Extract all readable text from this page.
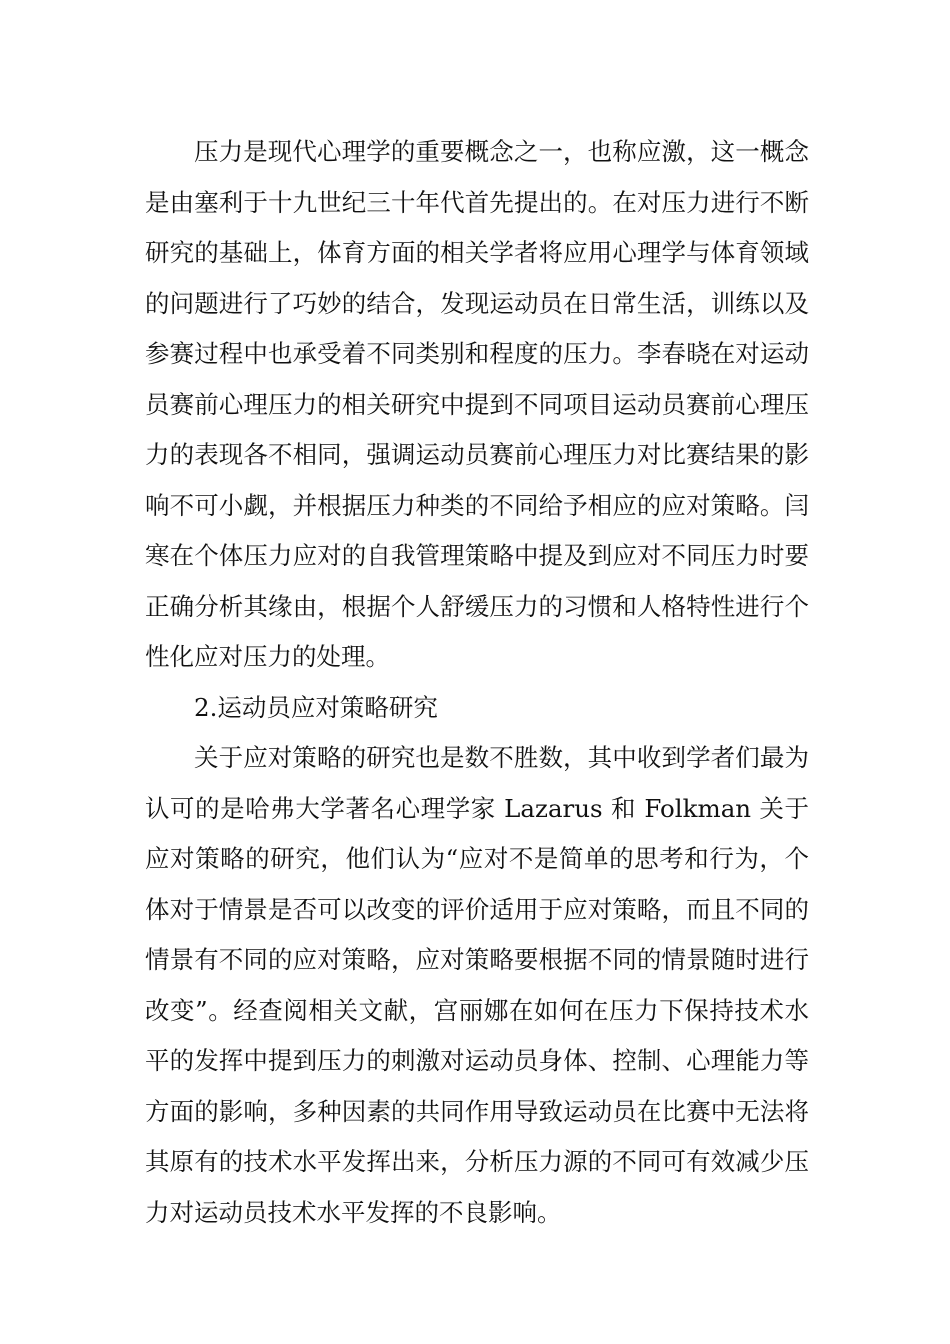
压力是现代心理学的重要概念之一，也称应激，这一概念是由塞利于十九世纪三十年代首先提出的。在对压力进行不断研究的基础上，体育方面的相关学者将应用心理学与体育领域的问题进行了巧妙的结合，发现运动员在日常生活，训练以及参赛过程中也承受着不同类别和程度的压力。李春晓在对运动员赛前心理压力的相关研究中提到不同项目运动员赛前心理压力的表现各不相同，强调运动员赛前心理压力对比赛结果的影响不可小觑，并根据压力种类的不同给予相应的应对策略。闫寒在个体压力应对的自我管理策略中提及到应对不同压力时要正确分析其缘由，根据个人舒缓压力的习惯和人格特性进行个性化应对压力的处理。

2.运动员应对策略研究

关于应对策略的研究也是数不胜数，其中收到学者们最为认可的是哈弗大学著名心理学家 Lazarus 和 Folkman 关于应对策略的研究，他们认为“应对不是简单的思考和行为，个体对于情景是否可以改变的评价适用于应对策略，而且不同的情景有不同的应对策略，应对策略要根据不同的情景随时进行改变”。经查阅相关文献，宫丽娜在如何在压力下保持技术水平的发挥中提到压力的刺激对运动员身体、控制、心理能力等方面的影响，多种因素的共同作用导致运动员在比赛中无法将其原有的技术水平发挥出来，分析压力源的不同可有效减少压力对运动员技术水平发挥的不良影响。
